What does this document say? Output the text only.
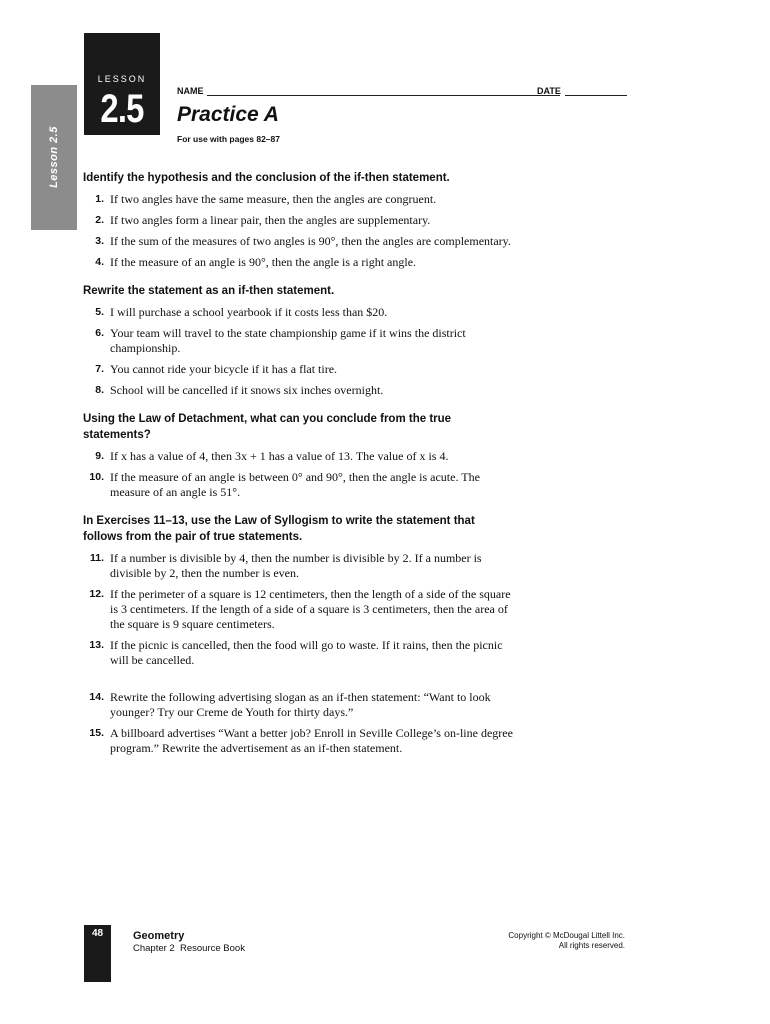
Lesson 2.5
LESSON
2.5	NAME	DATE
Practice A
For use with pages 82–87
Identify the hypothesis and the conclusion of the if-then statement.
1. If two angles have the same measure, then the angles are congruent.
2. If two angles form a linear pair, then the angles are supplementary.
3. If the sum of the measures of two angles is 90°, then the angles are complementary.
4. If the measure of an angle is 90°, then the angle is a right angle.
Rewrite the statement as an if-then statement.
5. I will purchase a school yearbook if it costs less than $20.
6. Your team will travel to the state championship game if it wins the district championship.
7. You cannot ride your bicycle if it has a flat tire.
8. School will be cancelled if it snows six inches overnight.
Using the Law of Detachment, what can you conclude from the true statements?
9. If x has a value of 4, then 3x + 1 has a value of 13. The value of x is 4.
10. If the measure of an angle is between 0° and 90°, then the angle is acute. The measure of an angle is 51°.
In Exercises 11–13, use the Law of Syllogism to write the statement that follows from the pair of true statements.
11. If a number is divisible by 4, then the number is divisible by 2. If a number is divisible by 2, then the number is even.
12. If the perimeter of a square is 12 centimeters, then the length of a side of the square is 3 centimeters. If the length of a side of a square is 3 centimeters, then the area of the square is 9 square centimeters.
13. If the picnic is cancelled, then the food will go to waste. If it rains, then the picnic will be cancelled.
14. Rewrite the following advertising slogan as an if-then statement: “Want to look younger? Try our Creme de Youth for thirty days.”
15. A billboard advertises “Want a better job? Enroll in Seville College’s on-line degree program.” Rewrite the advertisement as an if-then statement.
48	Geometry
Chapter 2  Resource Book
Copyright © McDougal Littell Inc.
All rights reserved.
